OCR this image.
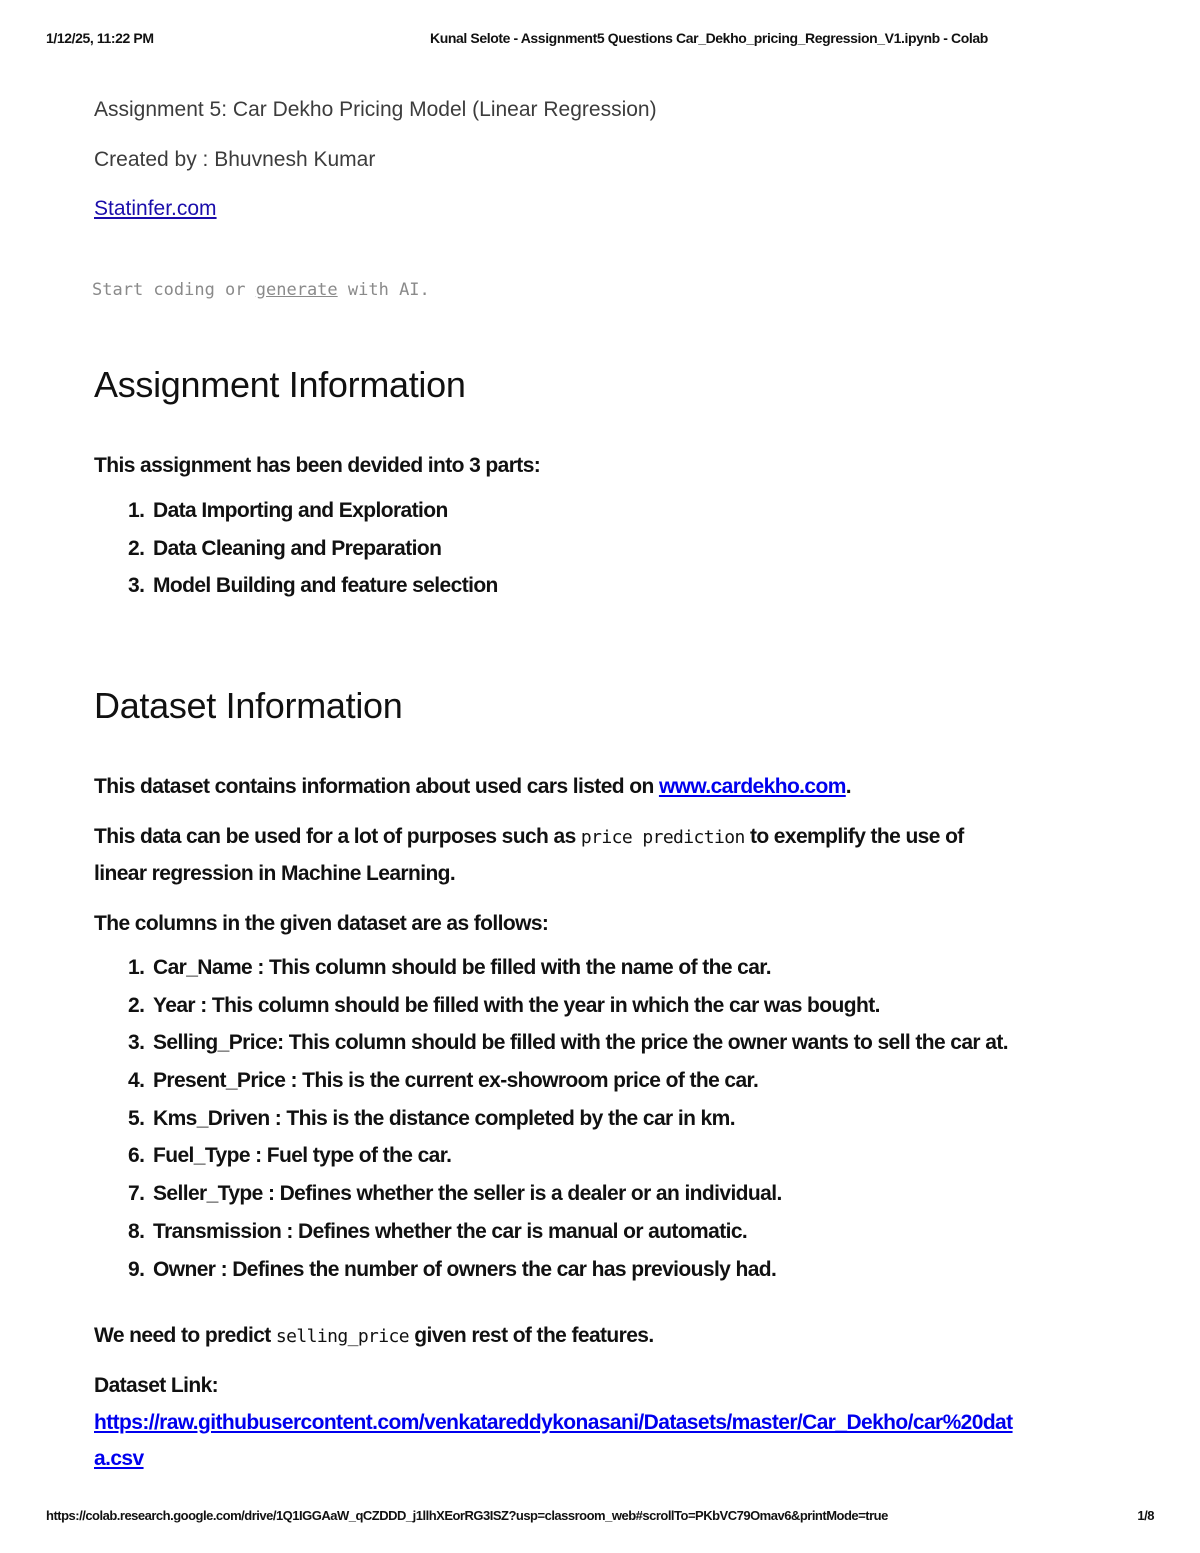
1/12/25, 11:22 PM	Kunal Selote - Assignment5 Questions Car_Dekho_pricing_Regression_V1.ipynb - Colab
Assignment 5: Car Dekho Pricing Model (Linear Regression)
Created by : Bhuvnesh Kumar
Statinfer.com
Start coding or generate with AI.
Assignment Information
This assignment has been devided into 3 parts:
1. Data Importing and Exploration
2. Data Cleaning and Preparation
3. Model Building and feature selection
Dataset Information
This dataset contains information about used cars listed on www.cardekho.com.
This data can be used for a lot of purposes such as price prediction to exemplify the use of
linear regression in Machine Learning.
The columns in the given dataset are as follows:
1. Car_Name : This column should be filled with the name of the car.
2. Year : This column should be filled with the year in which the car was bought.
3. Selling_Price: This column should be filled with the price the owner wants to sell the car at.
4. Present_Price : This is the current ex-showroom price of the car.
5. Kms_Driven : This is the distance completed by the car in km.
6. Fuel_Type : Fuel type of the car.
7. Seller_Type : Defines whether the seller is a dealer or an individual.
8. Transmission : Defines whether the car is manual or automatic.
9. Owner : Defines the number of owners the car has previously had.
We need to predict selling_price given rest of the features.
Dataset Link:
https://raw.githubusercontent.com/venkatareddykonasani/Datasets/master/Car_Dekho/car%20dat
a.csv
https://colab.research.google.com/drive/1Q1IGGAaW_qCZDDD_j1llhXEorRG3ISZ?usp=classroom_web#scrollTo=PKbVC79Omav6&printMode=true	1/8
